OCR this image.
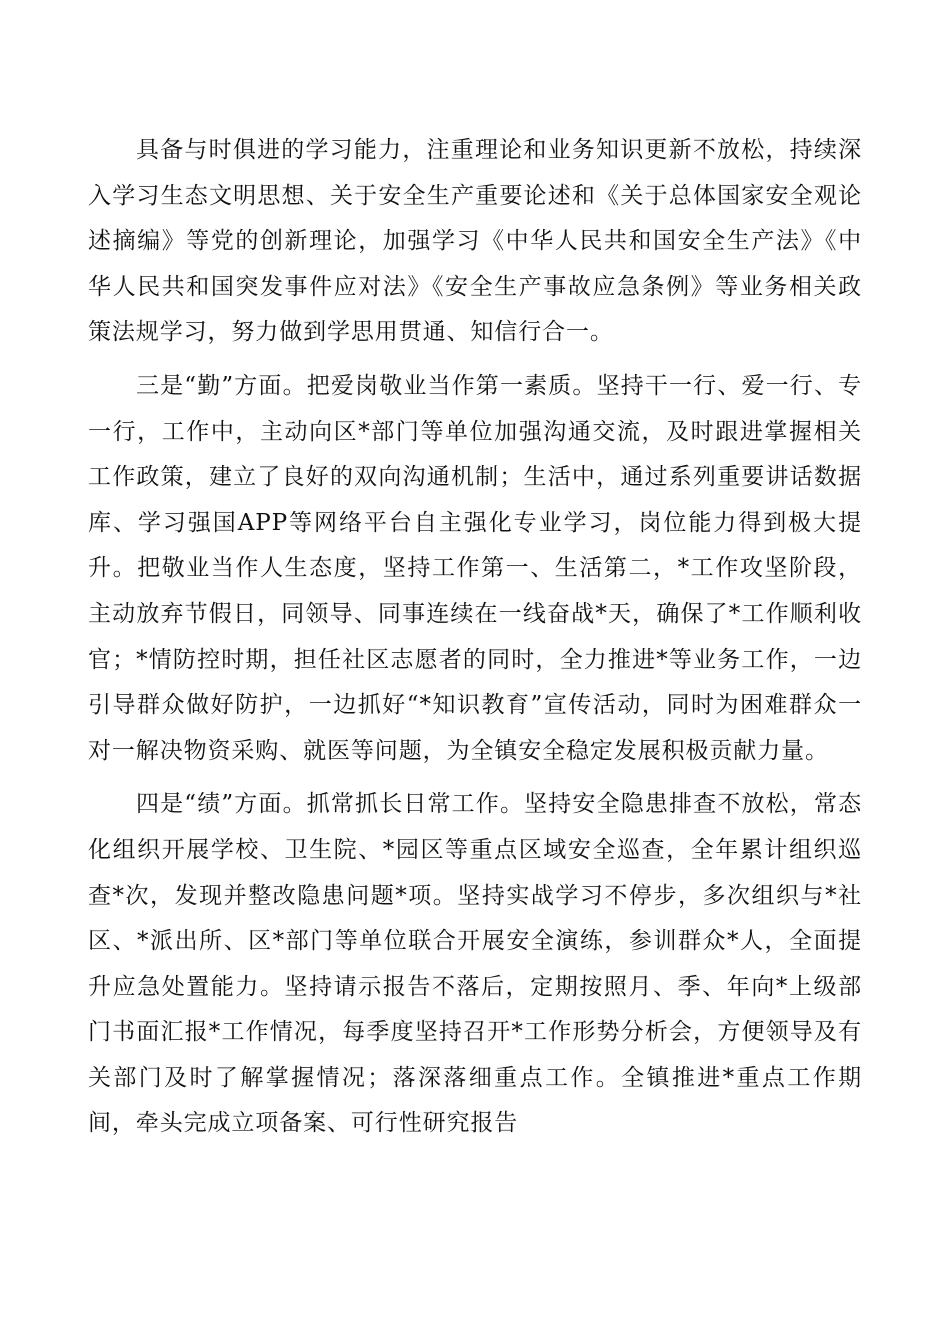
具备与时俱进的学习能力，注重理论和业务知识更新不放松，持续深入学习生态文明思想、关于安全生产重要论述和《关于总体国家安全观论述摘编》等党的创新理论，加强学习《中华人民共和国安全生产法》《中华人民共和国突发事件应对法》《安全生产事故应急条例》等业务相关政策法规学习，努力做到学思用贯通、知信行合一。

三是“勤”方面。把爱岗敬业当作第一素质。坚持干一行、爱一行、专一行，工作中，主动向区*部门等单位加强沟通交流，及时跟进掌握相关工作政策，建立了良好的双向沟通机制；生活中，通过系列重要讲话数据库、学习强国APP等网络平台自主强化专业学习，岗位能力得到极大提升。把敬业当作人生态度，坚持工作第一、生活第二，*工作攻坚阶段，主动放弃节假日，同领导、同事连续在一线奋战*天，确保了*工作顺利收官；*情防控时期，担任社区志愿者的同时，全力推进*等业务工作，一边引导群众做好防护，一边抓好“*知识教育”宣传活动，同时为困难群众一对一解决物资采购、就医等问题，为全镇安全稳定发展积极贡献力量。

四是“绩”方面。抓常抓长日常工作。坚持安全隐患排查不放松，常态化组织开展学校、卫生院、*园区等重点区域安全巡查，全年累计组织巡查*次，发现并整改隐患问题*项。坚持实战学习不停步，多次组织与*社区、*派出所、区*部门等单位联合开展安全演练，参训群众*人，全面提升应急处置能力。坚持请示报告不落后，定期按照月、季、年向*上级部门书面汇报*工作情况，每季度坚持召开*工作形势分析会，方便领导及有关部门及时了解掌握情况；落深落细重点工作。全镇推进*重点工作期间，牵头完成立项备案、可行性研究报告
